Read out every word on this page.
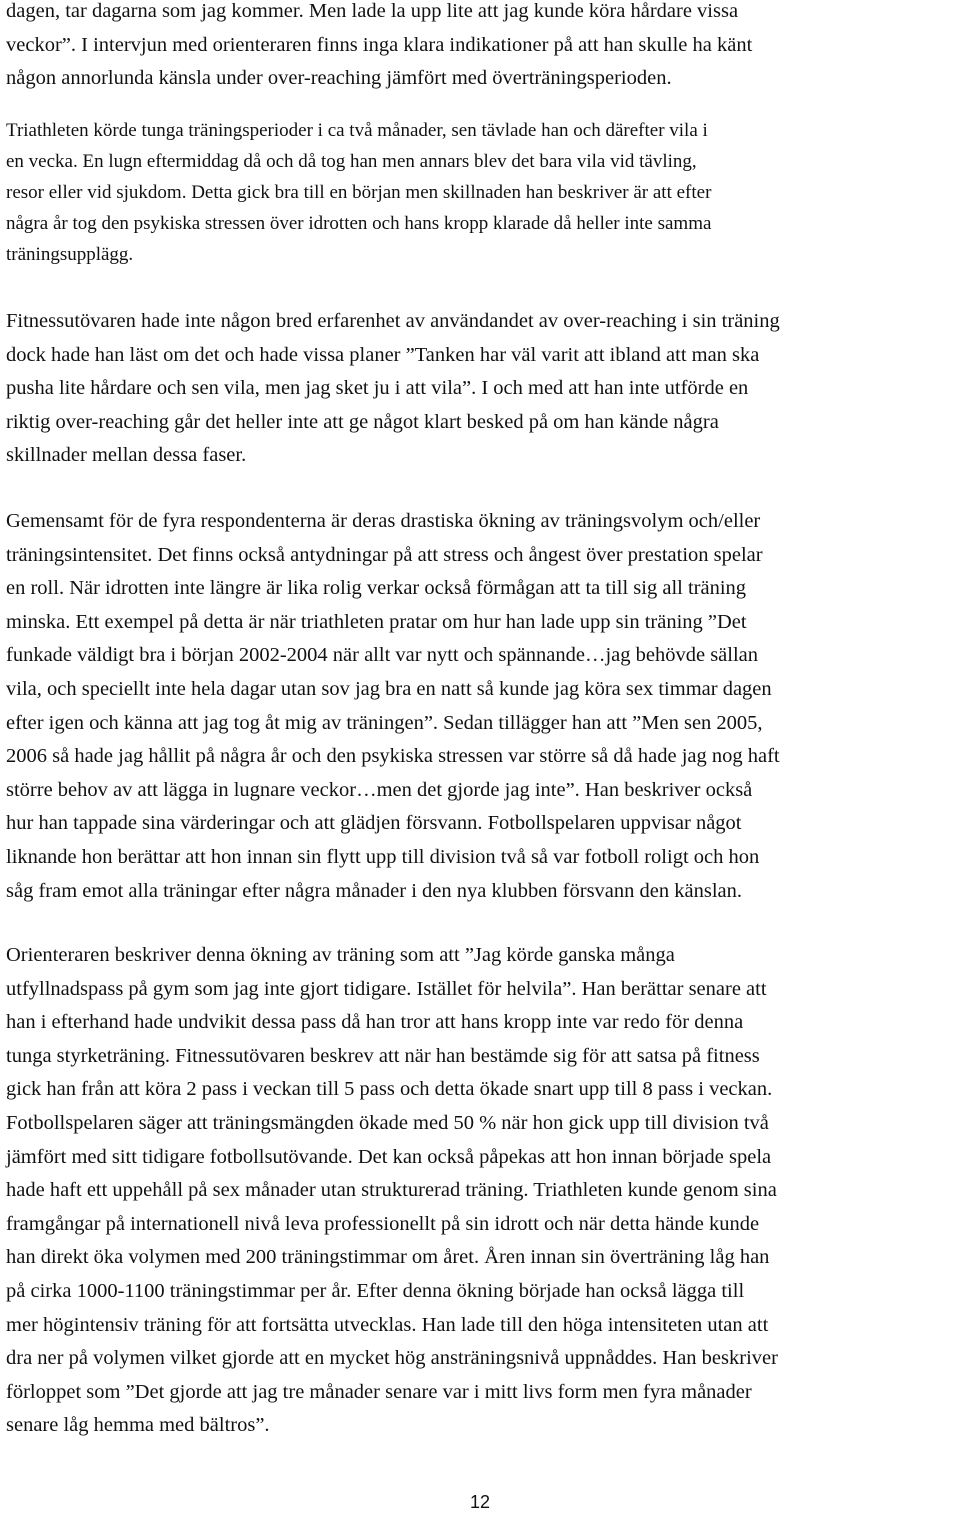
dagen, tar dagarna som jag kommer. Men lade la upp lite att jag kunde köra hårdare vissa
veckor”. I intervjun med orienteraren finns inga klara indikationer på att han skulle ha känt
någon annorlunda känsla under over-reaching jämfört med överträningsperioden.

Triathleten körde tunga träningsperioder i ca två månader, sen tävlade han och därefter vila i
en vecka. En lugn eftermiddag då och då tog han men annars blev det bara vila vid tävling,
resor eller vid sjukdom. Detta gick bra till en början men skillnaden han beskriver är att efter
några år tog den psykiska stressen över idrotten och hans kropp klarade då heller inte samma
träningsupplägg.

Fitnessutövaren hade inte någon bred erfarenhet av användandet av over-reaching i sin träning
dock hade han läst om det och hade vissa planer ”Tanken har väl varit att ibland att man ska
pusha lite hårdare och sen vila, men jag sket ju i att vila”. I och med att han inte utförde en
riktig over-reaching går det heller inte att ge något klart besked på om han kände några
skillnader mellan dessa faser.

Gemensamt för de fyra respondenterna är deras drastiska ökning av träningsvolym och/eller
träningsintensitet. Det finns också antydningar på att stress och ångest över prestation spelar
en roll. När idrotten inte längre är lika rolig verkar också förmågan att ta till sig all träning
minska. Ett exempel på detta är när triathleten pratar om hur han lade upp sin träning ”Det
funkade väldigt bra i början 2002-2004 när allt var nytt och spännande…jag behövde sällan
vila, och speciellt inte hela dagar utan sov jag bra en natt så kunde jag köra sex timmar dagen
efter igen och känna att jag tog åt mig av träningen”. Sedan tillägger han att ”Men sen 2005,
2006 så hade jag hållit på några år och den psykiska stressen var större så då hade jag nog haft
större behov av att lägga in lugnare veckor…men det gjorde jag inte”. Han beskriver också
hur han tappade sina värderingar och att glädjen försvann. Fotbollspelaren uppvisar något
liknande hon berättar att hon innan sin flytt upp till division två så var fotboll roligt och hon
såg fram emot alla träningar efter några månader i den nya klubben försvann den känslan.

Orienteraren beskriver denna ökning av träning som att ”Jag körde ganska många
utfyllnadspass på gym som jag inte gjort tidigare. Istället för helvila”. Han berättar senare att
han i efterhand hade undvikit dessa pass då han tror att hans kropp inte var redo för denna
tunga styrketräning. Fitnessutövaren beskrev att när han bestämde sig för att satsa på fitness
gick han från att köra 2 pass i veckan till 5 pass och detta ökade snart upp till 8 pass i veckan.
Fotbollspelaren säger att träningsmängden ökade med 50 % när hon gick upp till division två
jämfört med sitt tidigare fotbollsutövande. Det kan också påpekas att hon innan började spela
hade haft ett uppehåll på sex månader utan strukturerad träning. Triathleten kunde genom sina
framgångar på internationell nivå leva professionellt på sin idrott och när detta hände kunde
han direkt öka volymen med 200 träningstimmar om året. Åren innan sin överträning låg han
på cirka 1000-1100 träningstimmar per år. Efter denna ökning började han också lägga till
mer högintensiv träning för att fortsätta utvecklas. Han lade till den höga intensiteten utan att
dra ner på volymen vilket gjorde att en mycket hög ansträningsnivå uppnåddes. Han beskriver
förloppet som ”Det gjorde att jag tre månader senare var i mitt livs form men fyra månader
senare låg hemma med bältros”.

12
